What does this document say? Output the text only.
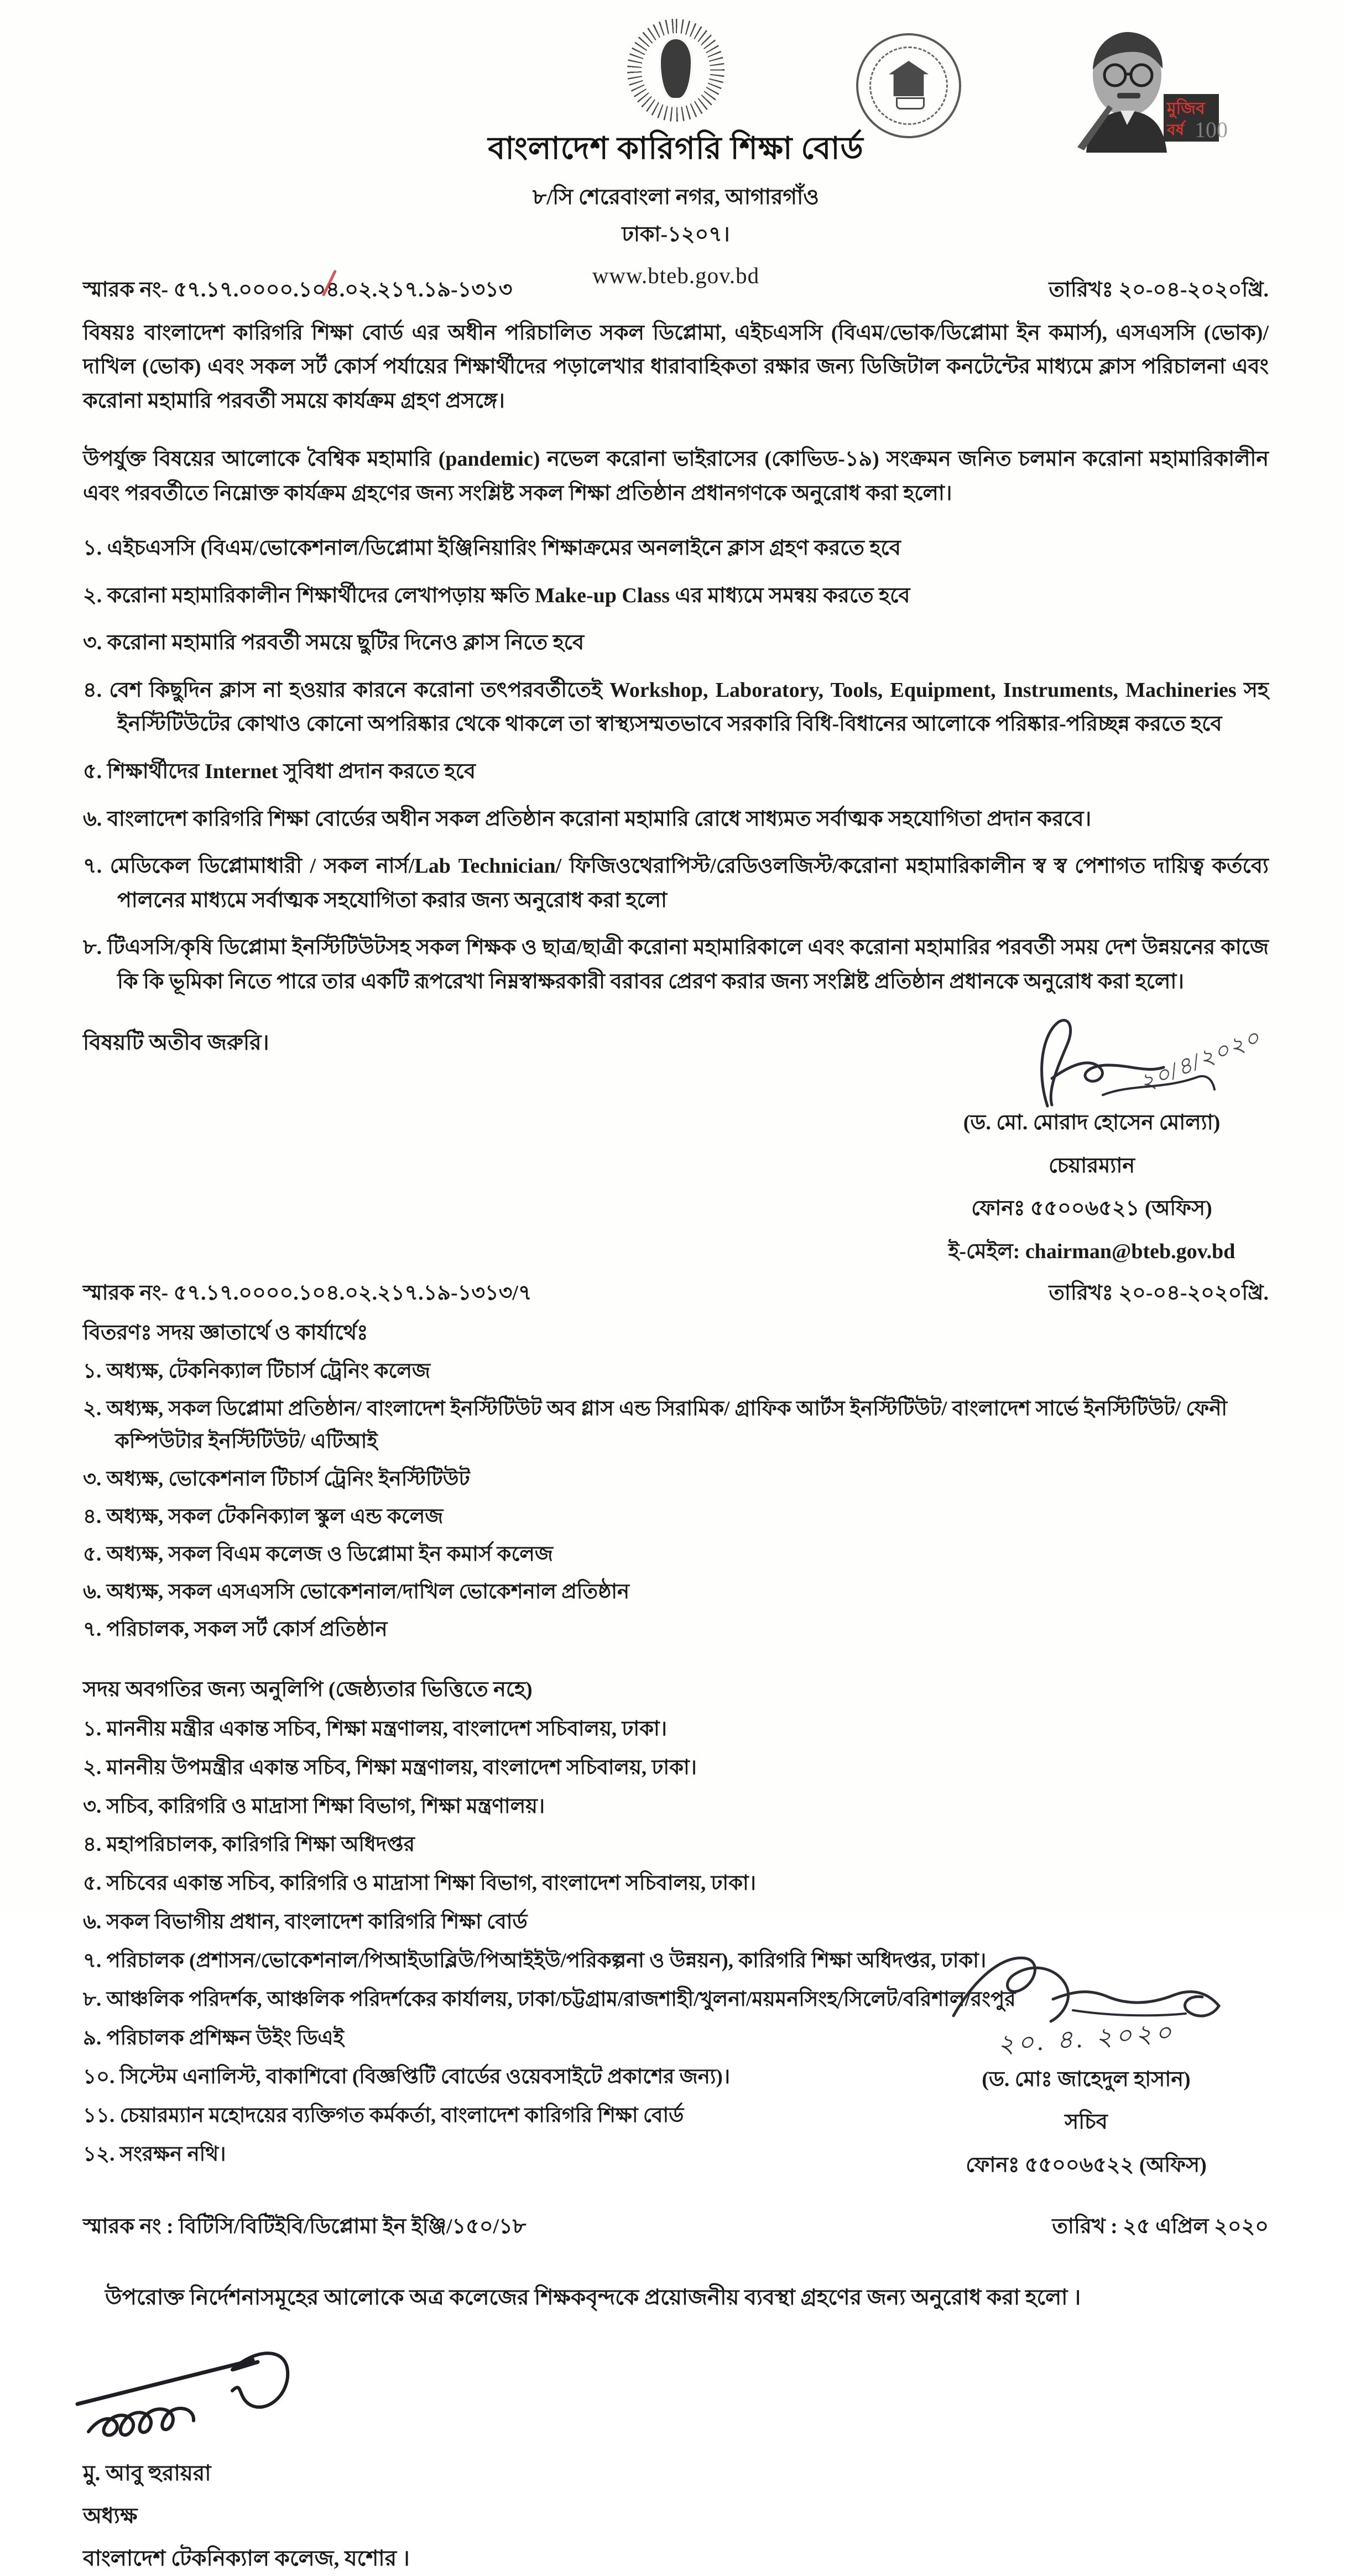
মুজিব
বর্ষ 100
বাংলাদেশ কারিগরি শিক্ষা বোর্ড
৮/সি শেরেবাংলা নগর, আগারগাঁও
ঢাকা-১২০৭।
www.bteb.gov.bd
স্মারক নং- ৫৭.১৭.০০০০.১০৪.০২.২১৭.১৯-১৩১৩	তারিখঃ ২০-০৪-২০২০খ্রি.
বিষয়ঃ বাংলাদেশ কারিগরি শিক্ষা বোর্ড এর অধীন পরিচালিত সকল ডিপ্লোমা, এইচএসসি (বিএম/ভোক/ডিপ্লোমা ইন কমার্স), এসএসসি (ভোক)/দাখিল (ভোক) এবং সকল সর্ট কোর্স পর্যায়ের শিক্ষার্থীদের পড়ালেখার ধারাবাহিকতা রক্ষার জন্য ডিজিটাল কনটেন্টের মাধ্যমে ক্লাস পরিচালনা এবং করোনা মহামারি পরবর্তী সময়ে কার্যক্রম গ্রহণ প্রসঙ্গে।
উপর্যুক্ত বিষয়ের আলোকে বৈশ্বিক মহামারি (pandemic) নভেল করোনা ভাইরাসের (কোভিড-১৯) সংক্রমন জনিত চলমান করোনা মহামারিকালীন এবং পরবর্তীতে নিম্নোক্ত কার্যক্রম গ্রহণের জন্য সংশ্লিষ্ট সকল শিক্ষা প্রতিষ্ঠান প্রধানগণকে অনুরোধ করা হলো।
১. এইচএসসি (বিএম/ভোকেশনাল/ডিপ্লোমা ইঞ্জিনিয়ারিং শিক্ষাক্রমের অনলাইনে ক্লাস গ্রহণ করতে হবে
২. করোনা মহামারিকালীন শিক্ষার্থীদের লেখাপড়ায় ক্ষতি Make-up Class এর মাধ্যমে সমন্বয় করতে হবে
৩. করোনা মহামারি পরবর্তী সময়ে ছুটির দিনেও ক্লাস নিতে হবে
৪. বেশ কিছুদিন ক্লাস না হওয়ার কারনে করোনা তৎপরবর্তীতেই Workshop, Laboratory, Tools, Equipment, Instruments, Machineries সহ ইনস্টিটিউটের কোথাও কোনো অপরিষ্কার থেকে থাকলে তা স্বাস্থ্যসম্মতভাবে সরকারি বিধি-বিধানের আলোকে পরিষ্কার-পরিচ্ছন্ন করতে হবে
৫. শিক্ষার্থীদের Internet সুবিধা প্রদান করতে হবে
৬. বাংলাদেশ কারিগরি শিক্ষা বোর্ডের অধীন সকল প্রতিষ্ঠান করোনা মহামারি রোধে সাধ্যমত সর্বাত্মক সহযোগিতা প্রদান করবে।
৭. মেডিকেল ডিপ্লোমাধারী / সকল নার্স/Lab Technician/ ফিজিওথেরাপিস্ট/রেডিওলজিস্ট/করোনা মহামারিকালীন স্ব স্ব পেশাগত দায়িত্ব কর্তব্যে পালনের মাধ্যমে সর্বাত্মক সহযোগিতা করার জন্য অনুরোধ করা হলো
৮. টিএসসি/কৃষি ডিপ্লোমা ইনস্টিটিউটসহ সকল শিক্ষক ও ছাত্র/ছাত্রী করোনা মহামারিকালে এবং করোনা মহামারির পরবর্তী সময় দেশ উন্নয়নের কাজে কি কি ভূমিকা নিতে পারে তার একটি রূপরেখা নিম্নস্বাক্ষরকারী বরাবর প্রেরণ করার জন্য সংশ্লিষ্ট প্রতিষ্ঠান প্রধানকে অনুরোধ করা হলো।
বিষয়টি অতীব জরুরি।	২০/৪/২০২০
(ড. মো. মোরাদ হোসেন মোল্যা)
চেয়ারম্যান
ফোনঃ ৫৫০০৬৫২১ (অফিস)
ই-মেইল: chairman@bteb.gov.bd
স্মারক নং- ৫৭.১৭.০০০০.১০৪.০২.২১৭.১৯-১৩১৩/৭	তারিখঃ ২০-০৪-২০২০খ্রি.
বিতরণঃ সদয় জ্ঞাতার্থে ও কার্যার্থেঃ
১. অধ্যক্ষ, টেকনিক্যাল টিচার্স ট্রেনিং কলেজ
২. অধ্যক্ষ, সকল ডিপ্লোমা প্রতিষ্ঠান/ বাংলাদেশ ইনস্টিটিউট অব গ্লাস এন্ড সিরামিক/ গ্রাফিক আর্টস ইনস্টিটিউট/ বাংলাদেশ সার্ভে ইনস্টিটিউট/ ফেনী কম্পিউটার ইনস্টিটিউট/ এটিআই
৩. অধ্যক্ষ, ভোকেশনাল টিচার্স ট্রেনিং ইনস্টিটিউট
৪. অধ্যক্ষ, সকল টেকনিক্যাল স্কুল এন্ড কলেজ
৫. অধ্যক্ষ, সকল বিএম কলেজ ও ডিপ্লোমা ইন কমার্স কলেজ
৬. অধ্যক্ষ, সকল এসএসসি ভোকেশনাল/দাখিল ভোকেশনাল প্রতিষ্ঠান
৭. পরিচালক, সকল সর্ট কোর্স প্রতিষ্ঠান
সদয় অবগতির জন্য অনুলিপি (জেষ্ঠ্যতার ভিত্তিতে নহে)
১. মাননীয় মন্ত্রীর একান্ত সচিব, শিক্ষা মন্ত্রণালয়, বাংলাদেশ সচিবালয়, ঢাকা।
২. মাননীয় উপমন্ত্রীর একান্ত সচিব, শিক্ষা মন্ত্রণালয়, বাংলাদেশ সচিবালয়, ঢাকা।
৩. সচিব, কারিগরি ও মাদ্রাসা শিক্ষা বিভাগ, শিক্ষা মন্ত্রণালয়।
৪. মহাপরিচালক, কারিগরি শিক্ষা অধিদপ্তর
৫. সচিবের একান্ত সচিব, কারিগরি ও মাদ্রাসা শিক্ষা বিভাগ, বাংলাদেশ সচিবালয়, ঢাকা।
৬. সকল বিভাগীয় প্রধান, বাংলাদেশ কারিগরি শিক্ষা বোর্ড
৭. পরিচালক (প্রশাসন/ভোকেশনাল/পিআইডাব্লিউ/পিআইইউ/পরিকল্পনা ও উন্নয়ন), কারিগরি শিক্ষা অধিদপ্তর, ঢাকা।
৮. আঞ্চলিক পরিদর্শক, আঞ্চলিক পরিদর্শকের কার্যালয়, ঢাকা/চট্টগ্রাম/রাজশাহী/খুলনা/ময়মনসিংহ/সিলেট/বরিশাল/রংপুর
৯. পরিচালক প্রশিক্ষন উইং ডিএই
১০. সিস্টেম এনালিস্ট, বাকাশিবো (বিজ্ঞপ্তিটি বোর্ডের ওয়েবসাইটে প্রকাশের জন্য)।
১১. চেয়ারম্যান মহোদয়ের ব্যক্তিগত কর্মকর্তা, বাংলাদেশ কারিগরি শিক্ষা বোর্ড
১২. সংরক্ষন নথি।
২০. ৪. ২০২০
(ড. মোঃ জাহেদুল হাসান)
সচিব
ফোনঃ ৫৫০০৬৫২২ (অফিস)
স্মারক নং : বিটিসি/বিটিইবি/ডিপ্লোমা ইন ইঞ্জি/১৫০/১৮	তারিখ : ২৫ এপ্রিল ২০২০
উপরোক্ত নির্দেশনাসমূহের আলোকে অত্র কলেজের শিক্ষকবৃন্দকে প্রয়োজনীয় ব্যবস্থা গ্রহণের জন্য অনুরোধ করা হলো ।
মু. আবু হুরায়রা
অধ্যক্ষ
বাংলাদেশ টেকনিক্যাল কলেজ, যশোর ।
